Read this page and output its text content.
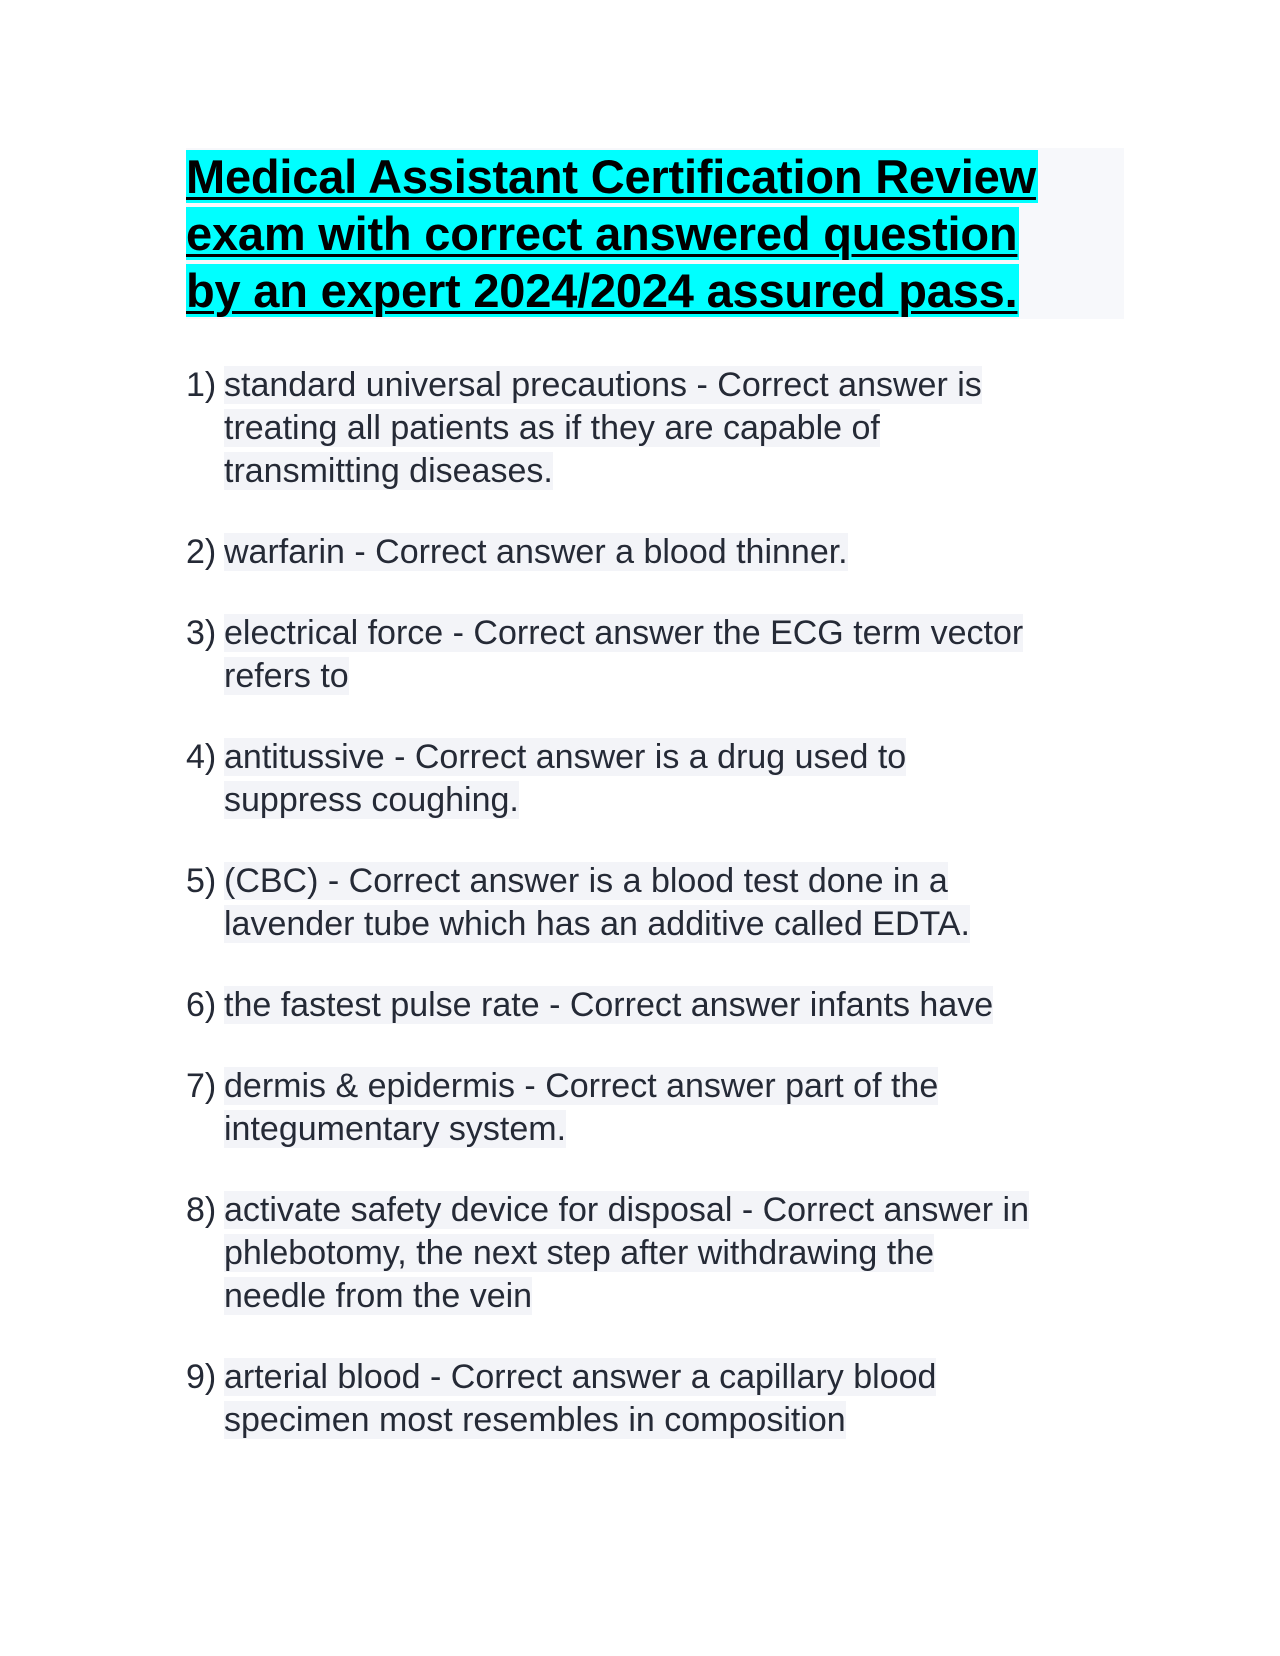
Medical Assistant Certification Review
exam with correct answered question
by an expert 2024/2024 assured pass.
1) standard universal precautions - Correct answer is
treating all patients as if they are capable of
transmitting diseases.
2) warfarin - Correct answer a blood thinner.
3) electrical force - Correct answer the ECG term vector
refers to
4) antitussive - Correct answer is a drug used to
suppress coughing.
5) (CBC) - Correct answer is a blood test done in a
lavender tube which has an additive called EDTA.
6) the fastest pulse rate - Correct answer infants have
7) dermis & epidermis - Correct answer part of the
integumentary system.
8) activate safety device for disposal - Correct answer in
phlebotomy, the next step after withdrawing the
needle from the vein
9) arterial blood - Correct answer a capillary blood
specimen most resembles in composition
